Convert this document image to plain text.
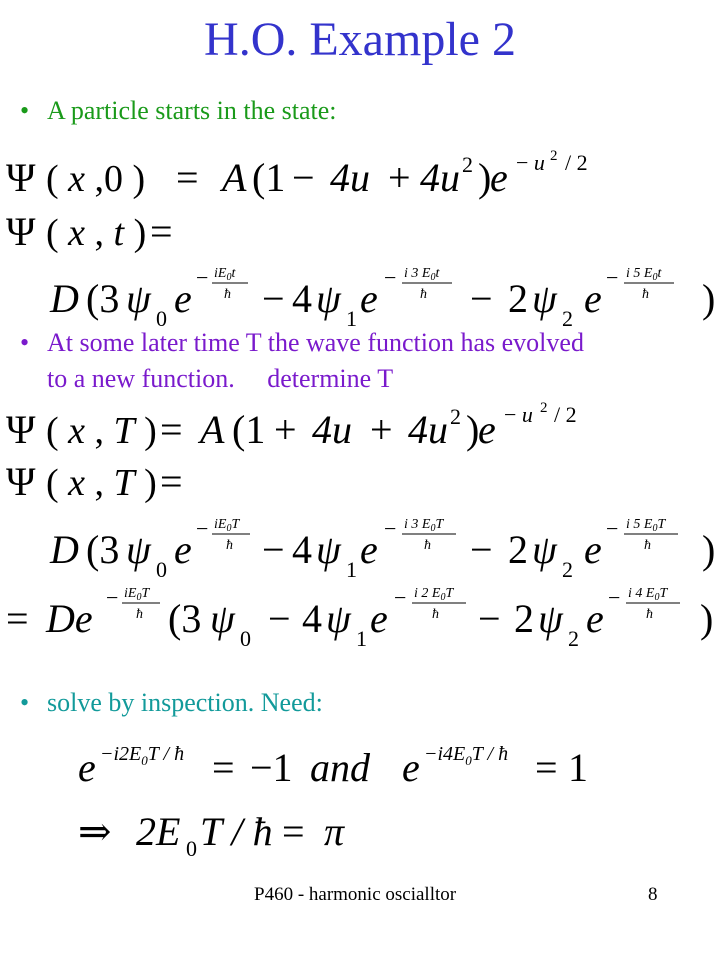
H.O. Example 2
• A particle starts in the state:
• At some later time T the wave function has evolved
to a new function.     determine T
• solve by inspection. Need:
Ψ ( x ,0 ) = A (1 − 4u + 4u 2 )
e − u 2 / 2
Ψ ( x , t ) =
D (3 ψ 0 $e - iE_0t$
ħ − 4 ψ 1 e − i 3 $E_0t$
ħ − 2 ψ 2 e − i 5 $E_0t$
ħ )
Ψ ( x , T ) = A (1 + 4u + 4u 2 )
e − u 2 / 2
Ψ ( x , T ) =
D (3 ψ 0 $e - iE_0T$
ħ − 4 ψ 1 e − i 3 $E_0T$
ħ − 2 ψ 2 e − i 5 $E_0T$
ħ )
= $De - iE_0T$
ħ (3 ψ 0 − 4 ψ 1 e − i 2 $E_0T$
ħ − 2 ψ 2 e − i 4 $E_0T$
ħ )
$e -i2E_0T$ / ħ = −1 and $e -i4E_0T$ / ħ = 1
⇒ 2E 0 T / ħ = π
P460 - harmonic oscialltor	8
